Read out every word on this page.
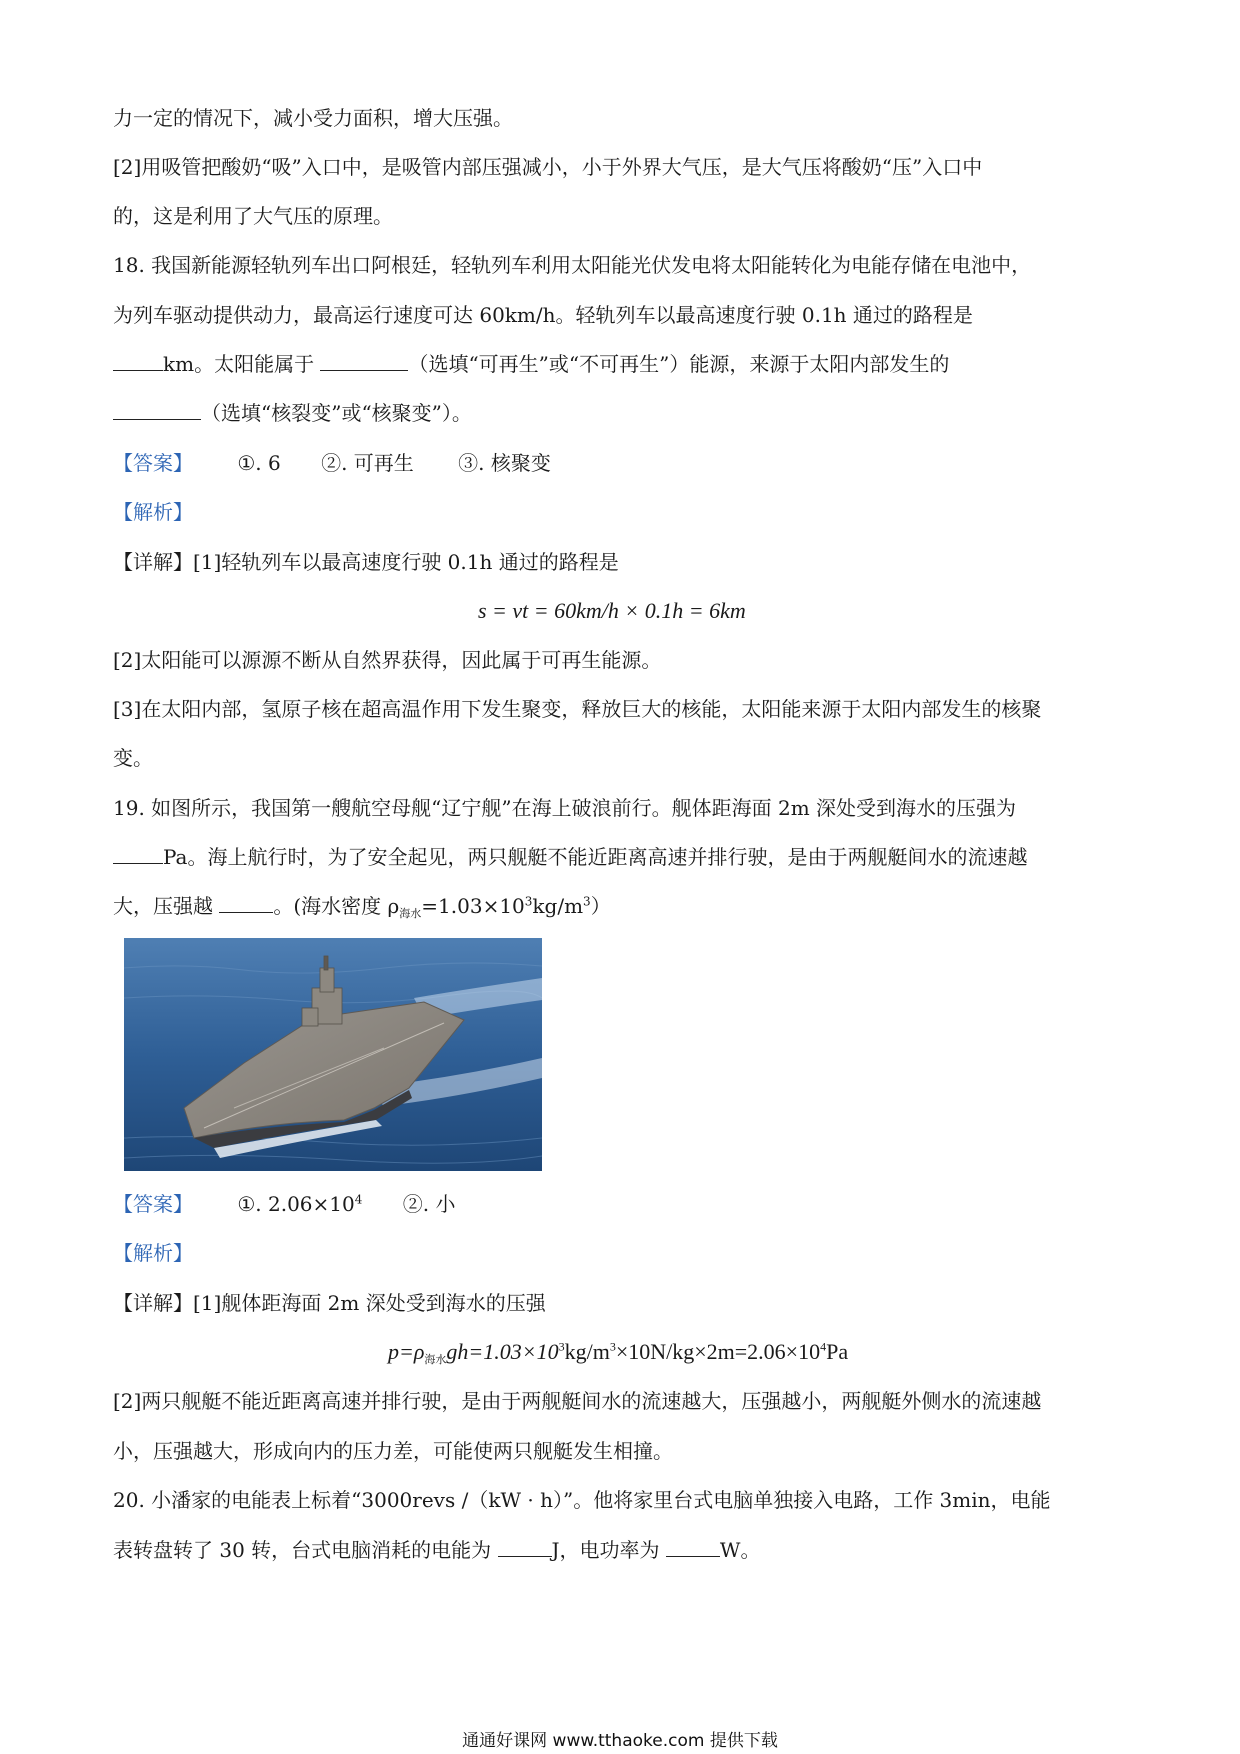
力一定的情况下，减小受力面积，增大压强。
[2]用吸管把酸奶“吸”入口中，是吸管内部压强减小，小于外界大气压，是大气压将酸奶“压”入口中
的，这是利用了大气压的原理。
18. 我国新能源轻轨列车出口阿根廷，轻轨列车利用太阳能光伏发电将太阳能转化为电能存储在电池中，
为列车驱动提供动力，最高运行速度可达 60km/h。轻轨列车以最高速度行驶 0.1h 通过的路程是
km。太阳能属于	（选填“可再生”或“不可再生”）能源，来源于太阳内部发生的
（选填“核裂变”或“核聚变”）。
【答案】 ①. 6 ②. 可再生 ③. 核聚变
【解析】
【详解】[1]轻轨列车以最高速度行驶 0.1h 通过的路程是
s = vt = 60km/h × 0.1h = 6km
[2]太阳能可以源源不断从自然界获得，因此属于可再生能源。
[3]在太阳内部，氢原子核在超高温作用下发生聚变，释放巨大的核能，太阳能来源于太阳内部发生的核聚
变。
19. 如图所示，我国第一艘航空母舰“辽宁舰”在海上破浪前行。舰体距海面 2m 深处受到海水的压强为
Pa。海上航行时，为了安全起见，两只舰艇不能近距离高速并排行驶，是由于两舰艇间水的流速越
大，压强越	。(海水密度 $\rho_{海水}=1.03\times 10^3kg/m^3$）
【答案】 ①. $2.06\times 10^4$ ②. 小
【解析】
【详解】[1]舰体距海面 2m 深处受到海水的压强
$p=\rho_{海水}gh=1.03\times 10^3kg/m^3\times 10N/kg\times 2m=2.06\times 10^4Pa$
[2]两只舰艇不能近距离高速并排行驶，是由于两舰艇间水的流速越大，压强越小，两舰艇外侧水的流速越
小，压强越大，形成向内的压力差，可能使两只舰艇发生相撞。
20. 小潘家的电能表上标着“3000revs /（kW · h）”。他将家里台式电脑单独接入电路，工作 3min，电能
表转盘转了 30 转，台式电脑消耗的电能为	J，电功率为	W。
通通好课网 www.tthaoke.com 提供下载
